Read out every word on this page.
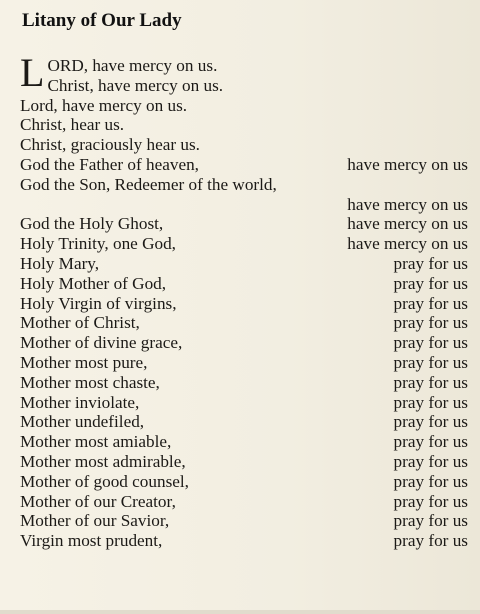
Litany of Our Lady
L ORD, have mercy on us.
Christ, have mercy on us.
Lord, have mercy on us.
Christ, hear us.
Christ, graciously hear us.
God the Father of heaven,	have mercy on us
God the Son, Redeemer of the world,
have mercy on us
God the Holy Ghost,	have mercy on us
Holy Trinity, one God,	have mercy on us
Holy Mary,	pray for us
Holy Mother of God,	pray for us
Holy Virgin of virgins,	pray for us
Mother of Christ,	pray for us
Mother of divine grace,	pray for us
Mother most pure,	pray for us
Mother most chaste,	pray for us
Mother inviolate,	pray for us
Mother undefiled,	pray for us
Mother most amiable,	pray for us
Mother most admirable,	pray for us
Mother of good counsel,	pray for us
Mother of our Creator,	pray for us
Mother of our Savior,	pray for us
Virgin most prudent,	pray for us
